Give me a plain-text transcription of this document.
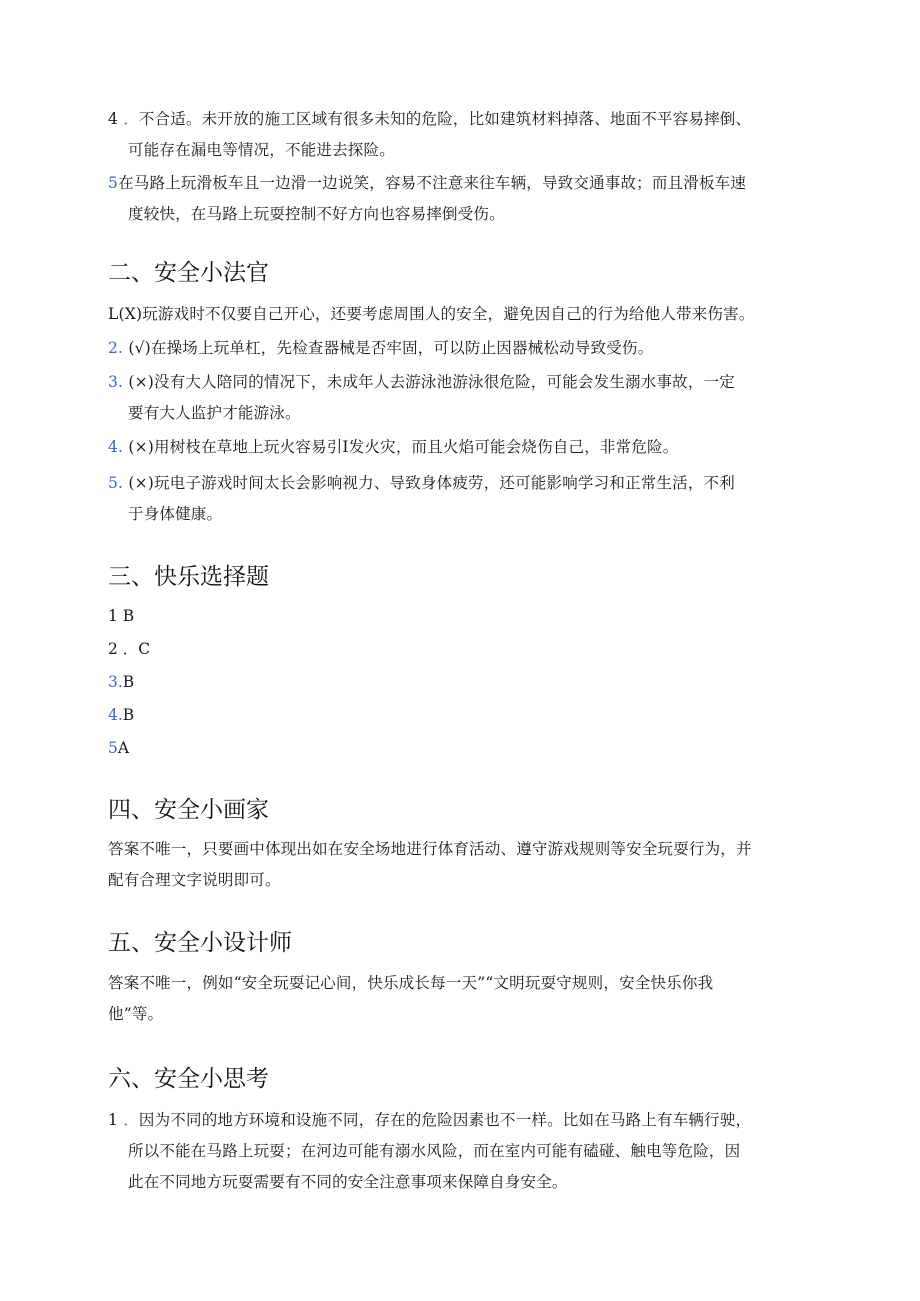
4 ．不合适。未开放的施工区域有很多未知的危险，比如建筑材料掉落、地面不平容易摔倒、
可能存在漏电等情况，不能进去探险。
5在马路上玩滑板车且一边滑一边说笑，容易不注意来往车辆，导致交通事故；而且滑板车速
度较快，在马路上玩耍控制不好方向也容易摔倒受伤。
二、安全小法官
L(X)玩游戏时不仅要自己开心，还要考虑周围人的安全，避免因自己的行为给他人带来伤害。
2. (√)在操场上玩单杠，先检查器械是否牢固，可以防止因器械松动导致受伤。
3. (×)没有大人陪同的情况下，未成年人去游泳池游泳很危险，可能会发生溺水事故，一定
要有大人监护才能游泳。
4. (×)用树枝在草地上玩火容易引I发火灾，而且火焰可能会烧伤自己，非常危险。
5. (×)玩电子游戏时间太长会影响视力、导致身体疲劳，还可能影响学习和正常生活，不利
于身体健康。
三、快乐选择题
1 B
2 ．C
3.B
4.B
5A
四、安全小画家
答案不唯一，只要画中体现出如在安全场地进行体育活动、遵守游戏规则等安全玩耍行为，并
配有合理文字说明即可。
五、安全小设计师
答案不唯一，例如“安全玩耍记心间，快乐成长每一天”“文明玩耍守规则，安全快乐你我
他”等。
六、安全小思考
1 ．因为不同的地方环境和设施不同，存在的危险因素也不一样。比如在马路上有车辆行驶，
所以不能在马路上玩耍；在河边可能有溺水风险，而在室内可能有磕碰、触电等危险，因
此在不同地方玩耍需要有不同的安全注意事项来保障自身安全。
